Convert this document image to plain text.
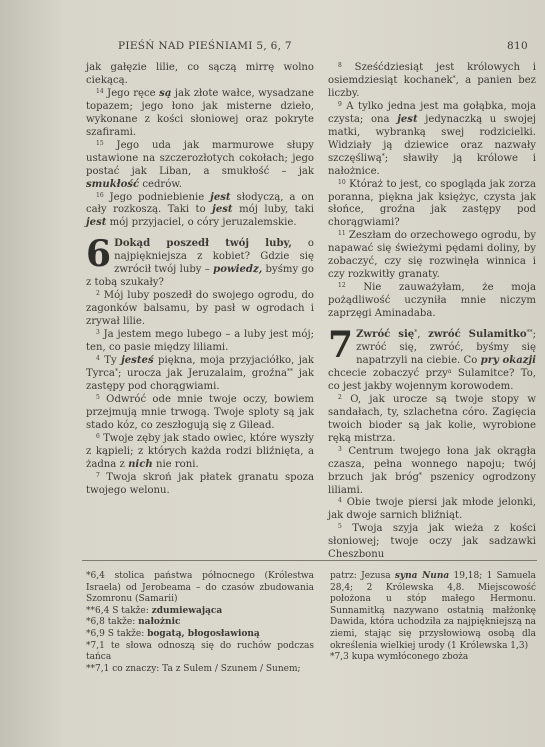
PIEŚŃ NAD PIEŚNIAMI 5, 6, 7	810

jak gałęzie lilie, co sączą mirrę wolno ciekącą.

$^{14}$ Jego ręce są jak złote wałce, wysadzane topazem; jego łono jak misterne dzieło, wykonane z kości słoniowej oraz pokryte szafirami.

$^{15}$ Jego uda jak marmurowe słupy ustawione na szczerozłotych cokołach; jego postać jak Liban, a smukłość – jak smukłość cedrów.

$^{16}$ Jego podniebienie jest słodyczą, a on cały rozkoszą. Taki to jest mój luby, taki jest mój przyjaciel, o córy jeruzalemskie.

6 Dokąd poszedł twój luby, o najpiękniejsza z kobiet? Gdzie się zwrócił twój luby – powiedz, byśmy go z tobą szukały?

$^2$ Mój luby poszedł do swojego ogrodu, do zagonków balsamu, by pasł w ogrodach i zrywał lilie.

$^3$ Ja jestem mego lubego – a luby jest mój; ten, co pasie między liliami.

$^4$ Ty jesteś piękna, moja przyjaciółko, jak Tyrca*; urocza jak Jeruzalaim, groźna** jak zastępy pod chorągwiami.

$^5$ Odwróć ode mnie twoje oczy, bowiem przejmują mnie trwogą. Twoje sploty są jak stado kóz, co zeszłogują się z Gilead.

$^6$ Twoje zęby jak stado owiec, które wyszły z kąpieli; z których każda rodzi bliźnięta, a żadna z nich nie roni.

$^7$ Twoja skroń jak płatek granatu spoza twojego welonu.

$^8$ Sześćdziesiąt jest królowych i osiemdziesiąt kochanek*, a panien bez liczby.

$^9$ A tylko jedna jest ma gołąbka, moja czysta; ona jest jedynaczką u swojej matki, wybranką swej rodzicielki. Widziały ją dziewice oraz nazwały szczęśliwą*; sławiły ją królowe i nałożnice.

$^{10}$ Któraż to jest, co spogląda jak zorza poranna, piękna jak księżyc, czysta jak słońce, groźna jak zastępy pod chorągwiami?

$^{11}$ Zeszłam do orzechowego ogrodu, by napawać się świeżymi pędami doliny, by zobaczyć, czy się rozwinęła winnica i czy rozkwitły granaty.

$^{12}$ Nie zauważyłam, że moja pożądliwość uczyniła mnie niczym zaprzęgi Aminadaba.

7 Zwróć się*, zwróć Sulamitko**; zwróć się, zwróć, byśmy się napatrzyli na ciebie. Co pry okazji chcecie zobaczyć przy$^a$ Sulamitce? To, co jest jakby wojennym korowodem.

$^2$ O, jak urocze są twoje stopy w sandałach, ty, szlachetna córo. Zagięcia twoich bioder są jak kolie, wyrobione ręką mistrza.

$^3$ Centrum twojego łona jak okrągła czasza, pełna wonnego napoju; twój brzuch jak bróg* pszenicy ogrodzony liliami.

$^4$ Obie twoje piersi jak młode jelonki, jak dwoje sarnich bliźniąt.

$^5$ Twoja szyja jak wieża z kości słoniowej; twoje oczy jak sadzawki Cheszbonu

*6,4 stolica państwa północnego (Królestwa Israela) od Jerobeama – do czasów zbudowania Szomronu (Samarii)

**6,4 S takže: zdumiewająca

*6,8 takže: nałożnic

*6,9 S takže: bogatą, błogosławioną

*7,1 te słowa odnoszą się do ruchów podczas tańca

**7,1 co znaczy: Ta z Sulem / Szunem / Sunem;

patrz: Jezusa syna Nuna 19,18; 1 Samuela 28,4; 2 Królewska 4,8. Miejscowość położona u stóp małego Hermonu. Sunnamitką nazywano ostatnią małżonkę Dawida, która uchodziła za najpiękniejszą na ziemi, stając się przysłowiową osobą dla określenia wielkiej urody (1 Królewska 1,3)

*7,3 kupa wymłóconego zboża
